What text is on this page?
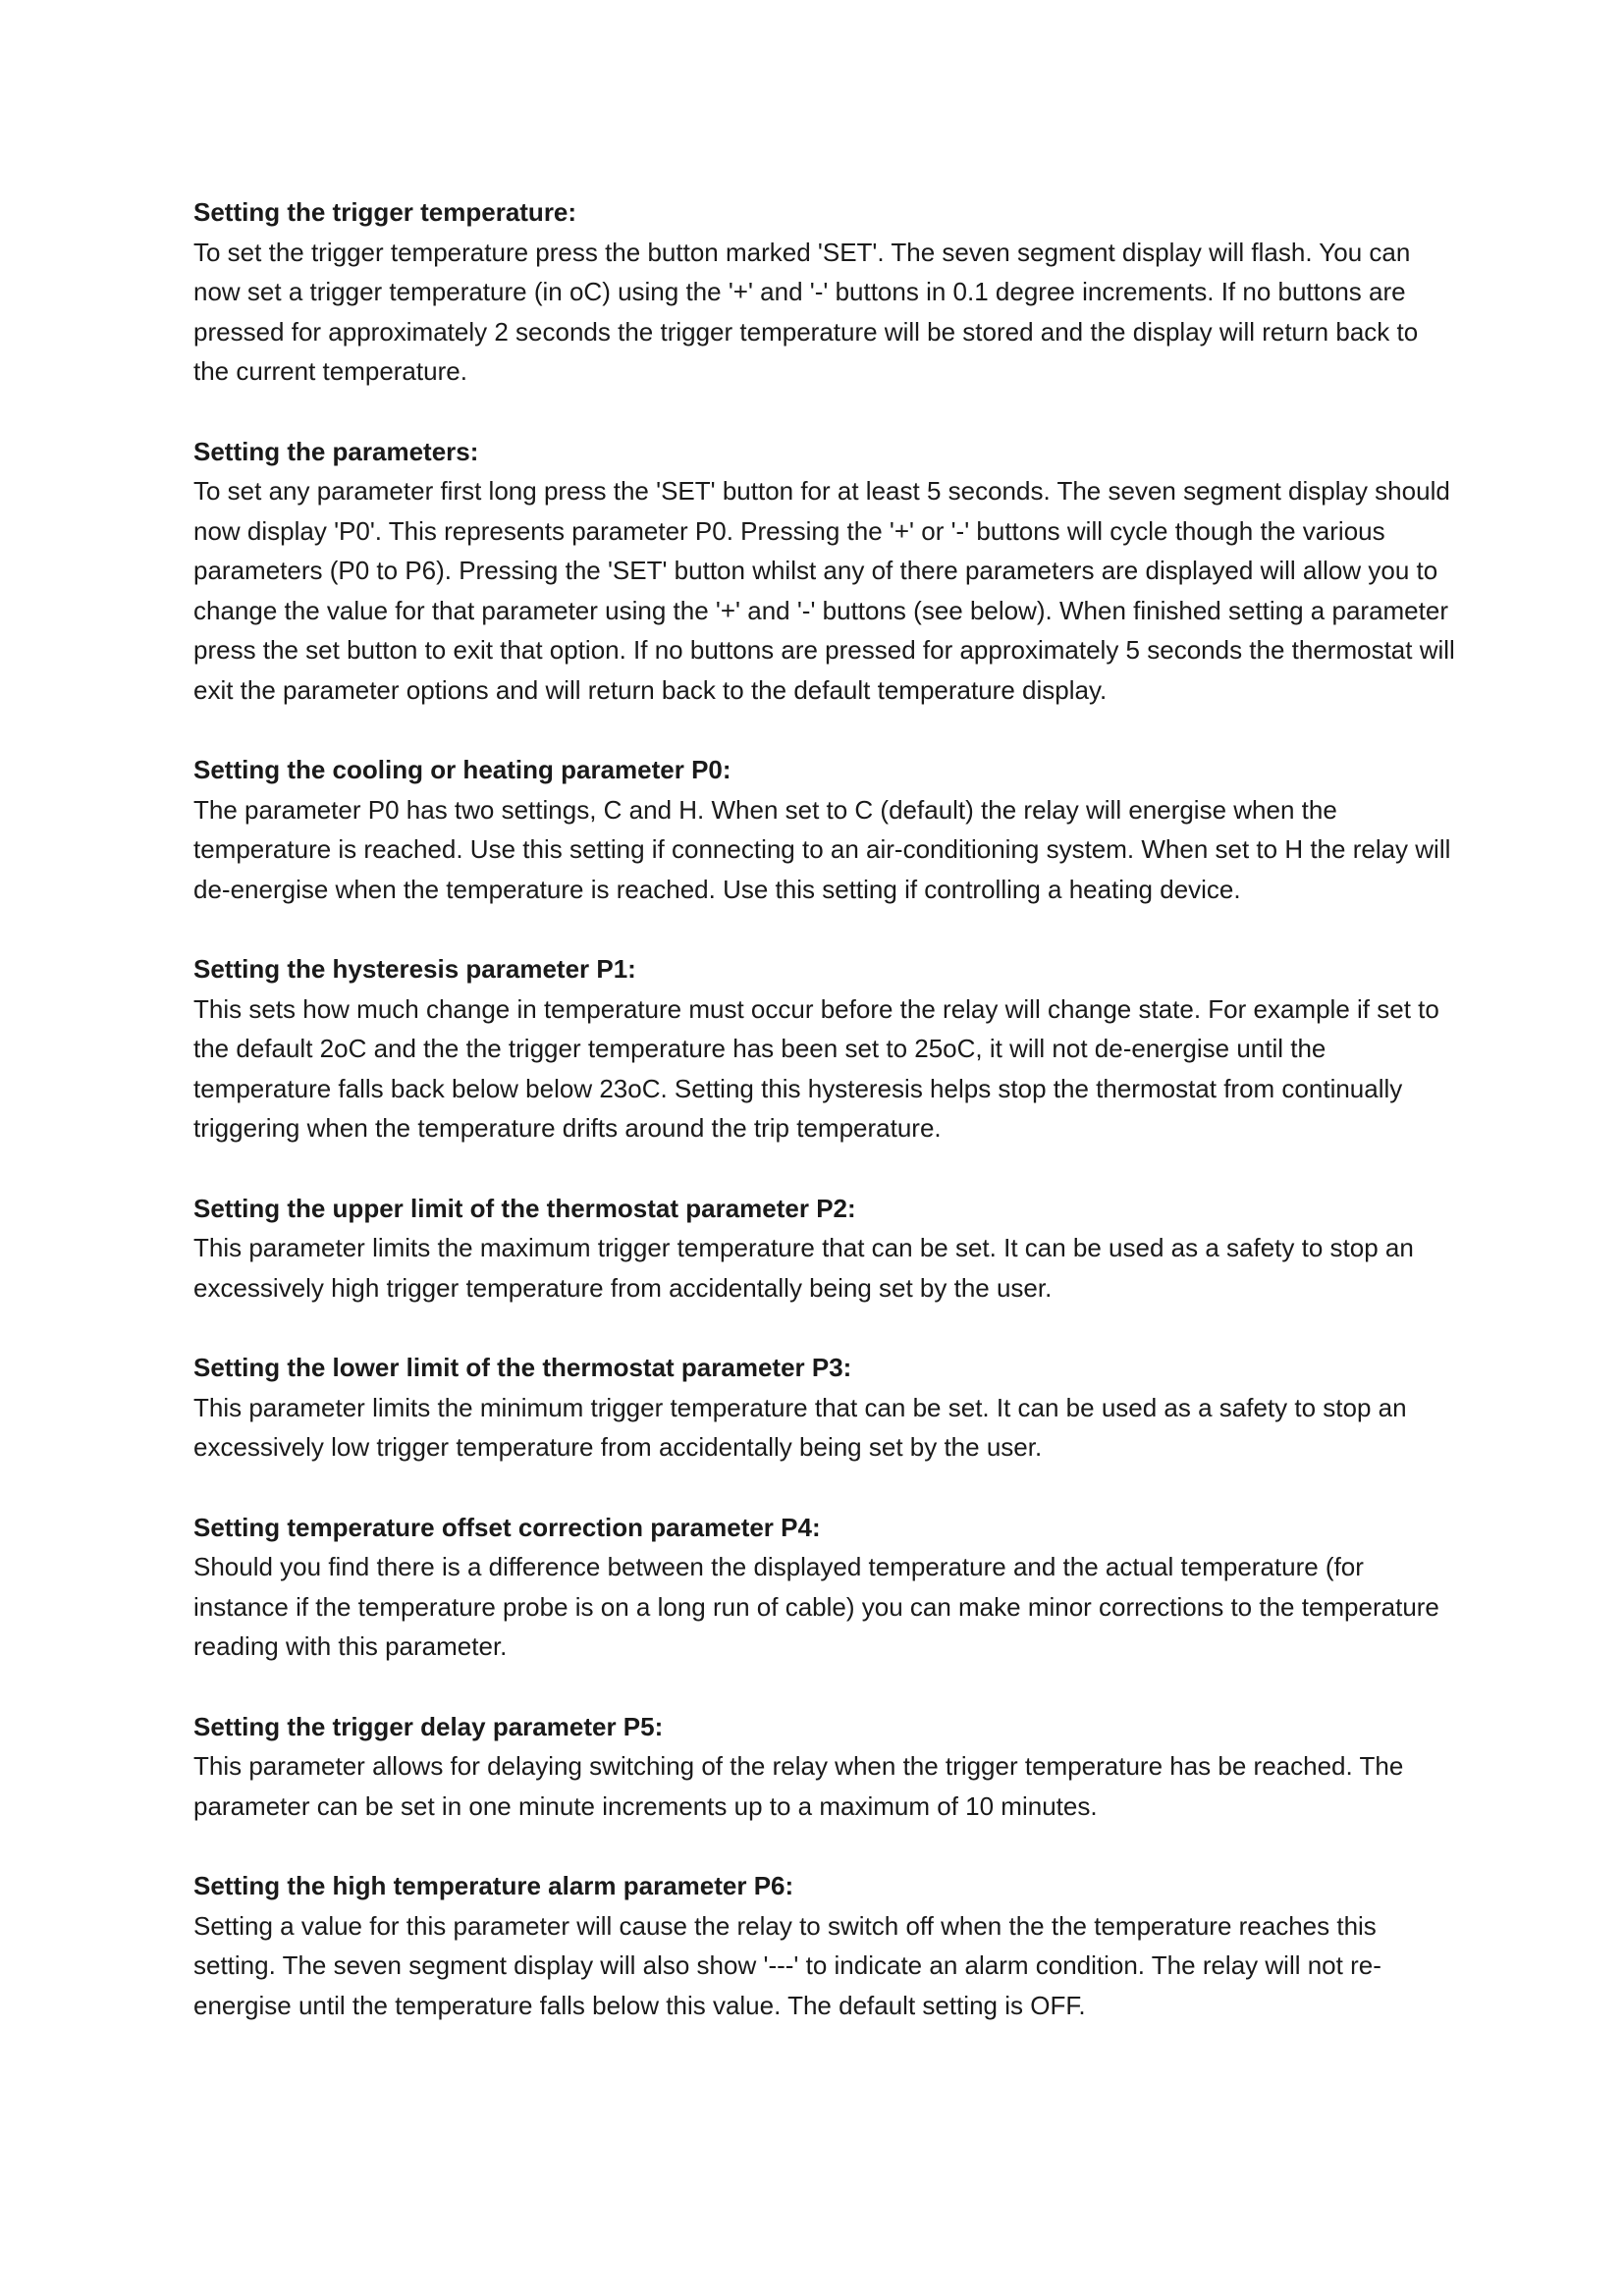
Setting the trigger temperature:

To set the trigger temperature press the button marked 'SET'. The seven segment display will flash. You can now set a trigger temperature (in oC) using the '+' and '-' buttons in 0.1 degree increments. If no buttons are pressed for approximately 2 seconds the trigger temperature will be stored and the display will return back to the current temperature.

Setting the parameters:

To set any parameter first long press the 'SET' button for at least 5 seconds. The seven segment display should now display 'P0'. This represents parameter P0. Pressing the '+' or '-' buttons will cycle though the various parameters (P0 to P6). Pressing the 'SET' button whilst any of there parameters are displayed will allow you to change the value for that parameter using the '+' and '-' buttons (see below). When finished setting a parameter press the set button to exit that option. If no buttons are pressed for approximately 5 seconds the thermostat will exit the parameter options and will return back to the default temperature display.

Setting the cooling or heating parameter P0:

The parameter P0 has two settings, C and H. When set to C (default) the relay will energise when the temperature is reached. Use this setting if connecting to an air-conditioning system. When set to H the relay will de-energise when the temperature is reached. Use this setting if controlling a heating device.

Setting the hysteresis parameter P1:

This sets how much change in temperature must occur before the relay will change state. For example if set to the default 2oC and the the trigger temperature has been set to 25oC, it will not de-energise until the temperature falls back below below 23oC. Setting this hysteresis helps stop the thermostat from continually triggering when the temperature drifts around the trip temperature.

Setting the upper limit of the thermostat parameter P2:

This parameter limits the maximum trigger temperature that can be set. It can be used as a safety to stop an excessively high trigger temperature from accidentally being set by the user.

Setting the lower limit of the thermostat parameter P3:

This parameter limits the minimum trigger temperature that can be set. It can be used as a safety to stop an excessively low trigger temperature from accidentally being set by the user.

Setting temperature offset correction parameter P4:

Should you find there is a difference between the displayed temperature and the actual temperature (for instance if the temperature probe is on a long run of cable) you can make minor corrections to the temperature reading with this parameter.

Setting the trigger delay parameter P5:

This parameter allows for delaying switching of the relay when the trigger temperature has be reached. The parameter can be set in one minute increments up to a maximum of 10 minutes.

Setting the high temperature alarm parameter P6:

Setting a value for this parameter will cause the relay to switch off when the the temperature reaches this setting. The seven segment display will also show '---' to indicate an alarm condition. The relay will not re-energise until the temperature falls below this value. The default setting is OFF.
